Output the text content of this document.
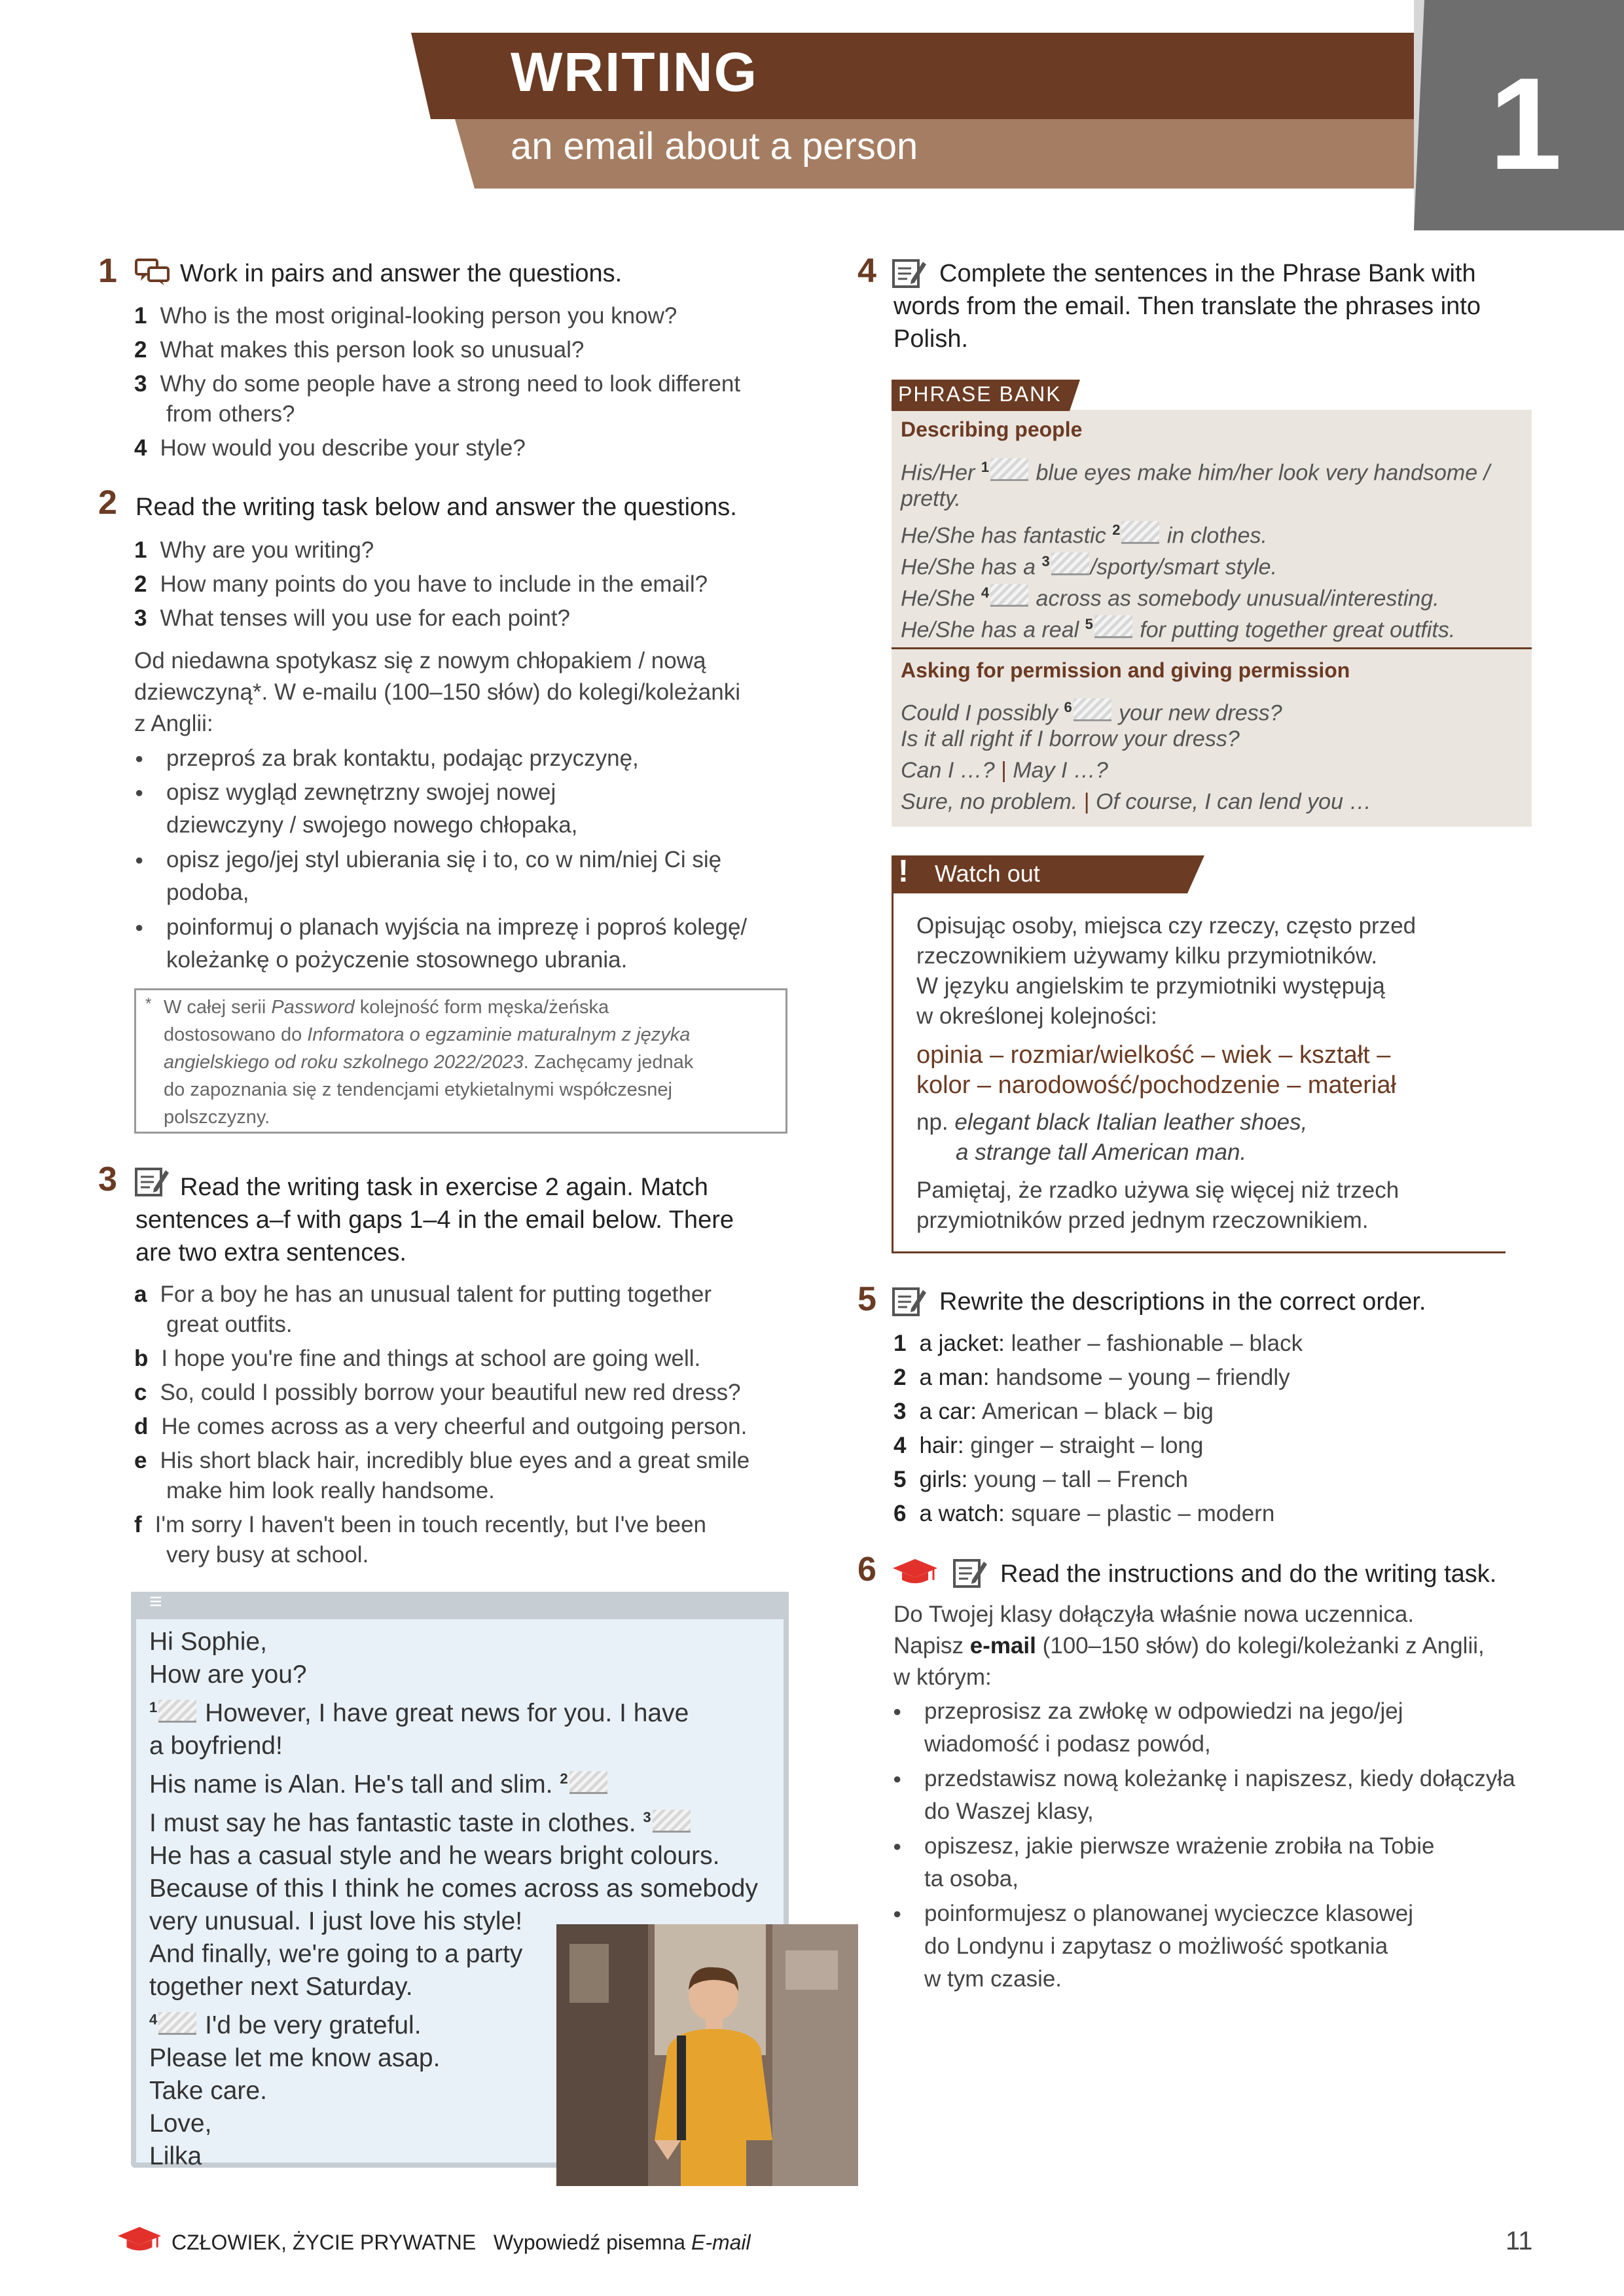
WRITING
an email about a person	1
1	Work in pairs and answer the questions.
1 Who is the most original-looking person you know?
2 What makes this person look so unusual?
3 Why do some people have a strong need to look different
from others?
4 How would you describe your style?
2 Read the writing task below and answer the questions.
1 Why are you writing?
2 How many points do you have to include in the email?
3 What tenses will you use for each point?
Od niedawna spotykasz się z nowym chłopakiem / nową
dziewczyną*. W e-mailu (100–150 słów) do kolegi/koleżanki
z Anglii:
● przeproś za brak kontaktu, podając przyczynę,
● opisz wygląd zewnętrzny swojej nowej
dziewczyny / swojego nowego chłopaka,
● opisz jego/jej styl ubierania się i to, co w nim/niej Ci się
podoba,
● poinformuj o planach wyjścia na imprezę i poproś kolegę/
koleżankę o pożyczenie stosownego ubrania.
* W całej serii Password kolejność form męska/żeńska
dostosowano do Informatora o egzaminie maturalnym z języka
angielskiego od roku szkolnego 2022/2023. Zachęcamy jednak
do zapoznania się z tendencjami etykietalnymi współczesnej
polszczyzny.
3	Read the writing task in exercise 2 again. Match
sentences a–f with gaps 1–4 in the email below. There
are two extra sentences.
a For a boy he has an unusual talent for putting together
great outfits.
b I hope you're fine and things at school are going well.
c So, could I possibly borrow your beautiful new red dress?
d He comes across as a very cheerful and outgoing person.
e His short black hair, incredibly blue eyes and a great smile
make him look really handsome.
f I'm sorry I haven't been in touch recently, but I've been
very busy at school.
≡
Hi Sophie,
How are you?
$^1$ However, I have great news for you. I have
a boyfriend!
His name is Alan. He's tall and slim. $^2$
I must say he has fantastic taste in clothes. $^3$
He has a casual style and he wears bright colours.
Because of this I think he comes across as somebody
very unusual. I just love his style!
And finally, we're going to a party
together next Saturday.
$^4$ I'd be very grateful.
Please let me know asap.
Take care.
Love,
Lilka
4	Complete the sentences in the Phrase Bank with
words from the email. Then translate the phrases into
Polish.
PHRASE BANK
Describing people
His/Her $^1$ blue eyes make him/her look very handsome /
pretty.
He/She has fantastic $^2$ in clothes.
He/She has a $^3$ /sporty/smart style.
He/She $^4$ across as somebody unusual/interesting.
He/She has a real $^5$ for putting together great outfits.
Asking for permission and giving permission
Could I possibly $^6$ your new dress?
Is it all right if I borrow your dress?
Can I …? | May I …?
Sure, no problem. | Of course, I can lend you …
! Watch out
Opisując osoby, miejsca czy rzeczy, często przed
rzeczownikiem używamy kilku przymiotników.
W języku angielskim te przymiotniki występują
w określonej kolejności:
opinia – rozmiar/wielkość – wiek – kształt –
kolor – narodowość/pochodzenie – materiał
np. elegant black Italian leather shoes,
a strange tall American man.
Pamiętaj, że rzadko używa się więcej niż trzech
przymiotników przed jednym rzeczownikiem.
5	Rewrite the descriptions in the correct order.
1 a jacket: leather – fashionable – black
2 a man: handsome – young – friendly
3 a car: American – black – big
4 hair: ginger – straight – long
5 girls: young – tall – French
6 a watch: square – plastic – modern
6	Read the instructions and do the writing task.
Do Twojej klasy dołączyła właśnie nowa uczennica.
Napisz e-mail (100–150 słów) do kolegi/koleżanki z Anglii,
w którym:
● przeprosisz za zwłokę w odpowiedzi na jego/jej
wiadomość i podasz powód,
● przedstawisz nową koleżankę i napiszesz, kiedy dołączyła
do Waszej klasy,
● opiszesz, jakie pierwsze wrażenie zrobiła na Tobie
ta osoba,
● poinformujesz o planowanej wycieczce klasowej
do Londynu i zapytasz o możliwość spotkania
w tym czasie.
CZŁOWIEK, ŻYCIE PRYWATNE Wypowiedź pisemna E-mail	11
